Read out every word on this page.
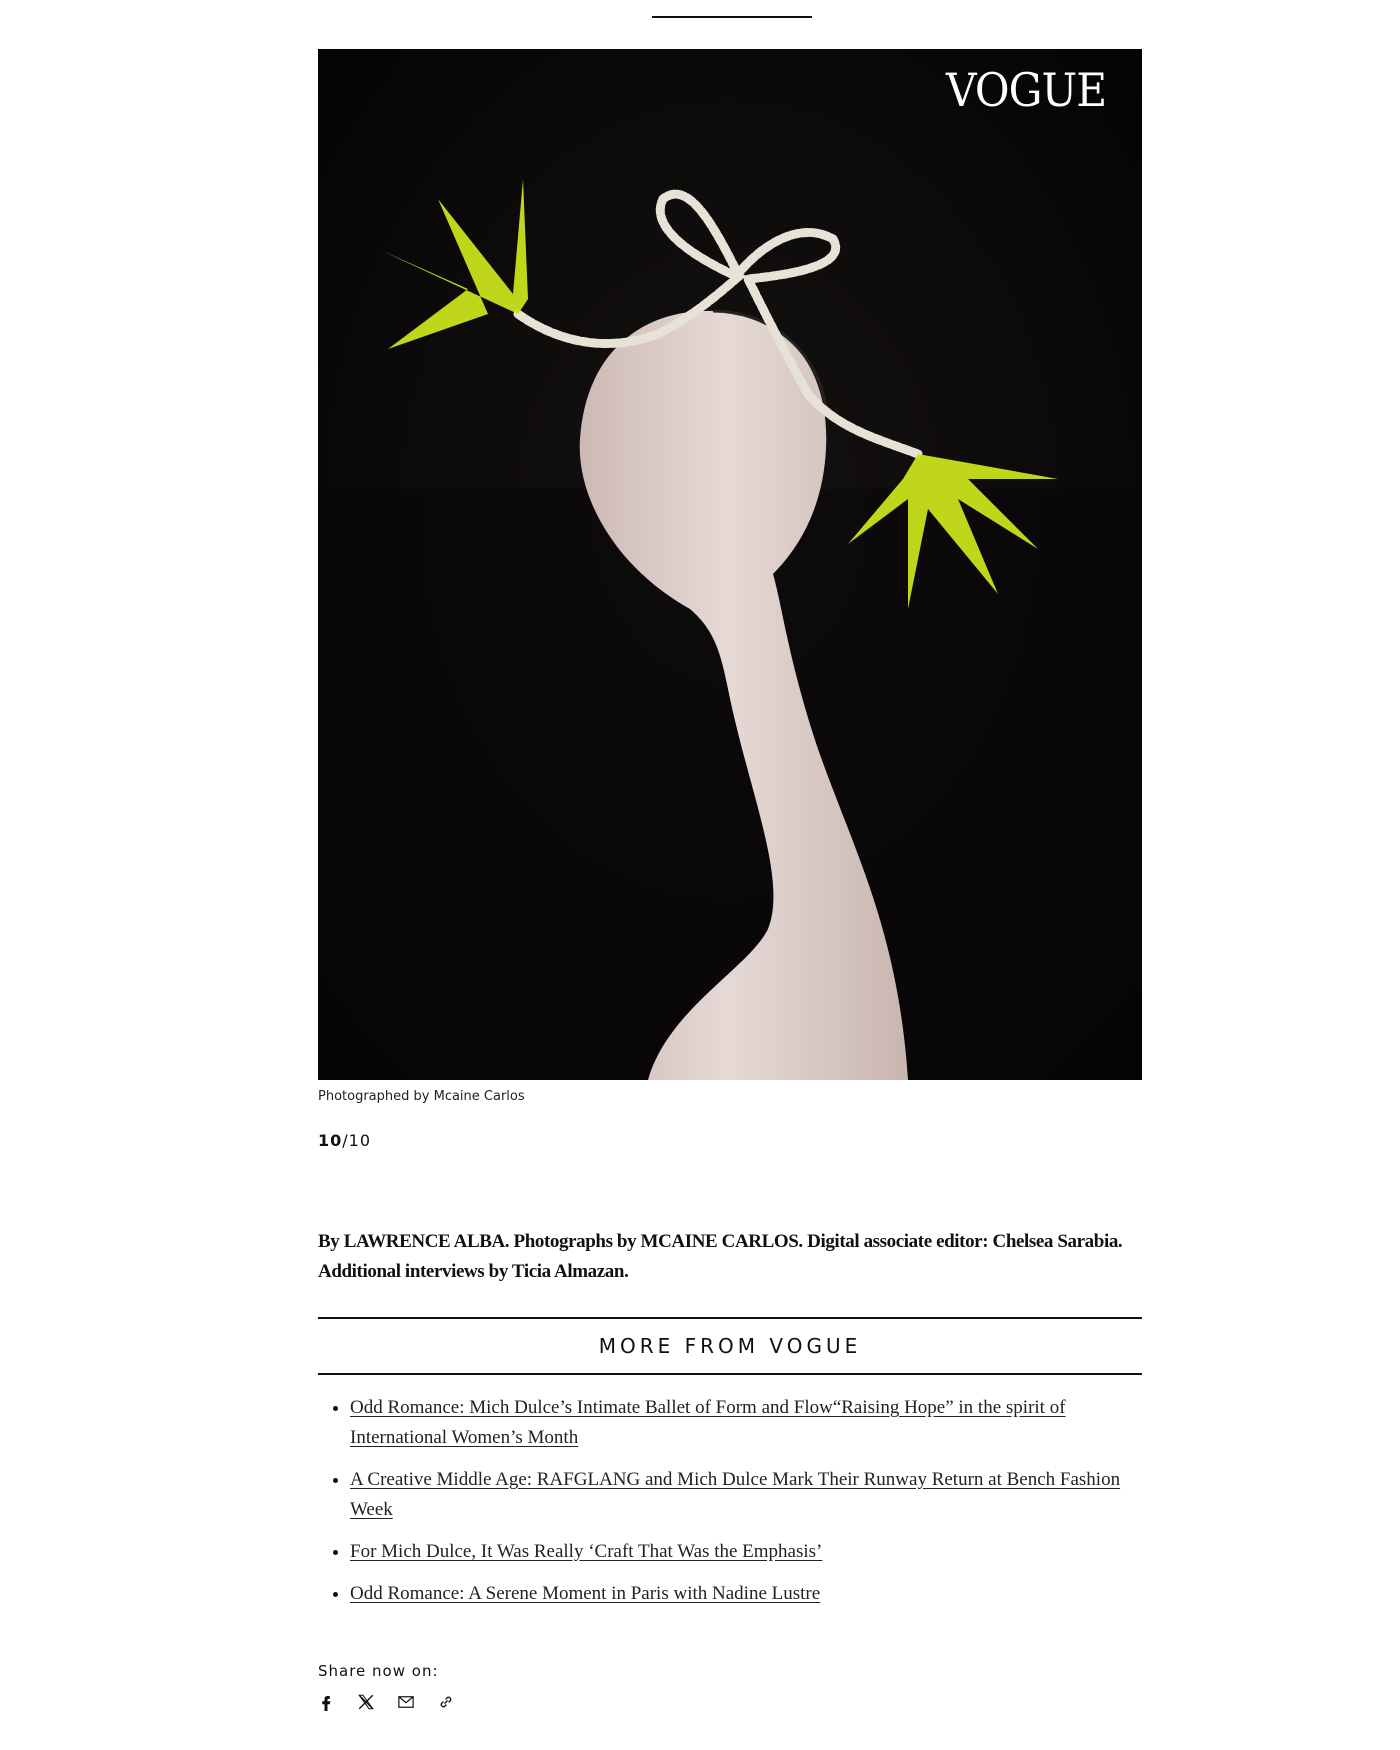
VOGUE
Photographed by Mcaine Carlos
10/10

By LAWRENCE ALBA. Photographs by MCAINE CARLOS. Digital associate editor: Chelsea Sarabia. Additional interviews by Ticia Almazan.

MORE FROM VOGUE
• Odd Romance: Mich Dulce’s Intimate Ballet of Form and Flow“Raising Hope” in the spirit of International Women’s Month
• A Creative Middle Age: RAFGLANG and Mich Dulce Mark Their Runway Return at Bench Fashion Week
• For Mich Dulce, It Was Really ‘Craft That Was the Emphasis’
• Odd Romance: A Serene Moment in Paris with Nadine Lustre
Share now on:
